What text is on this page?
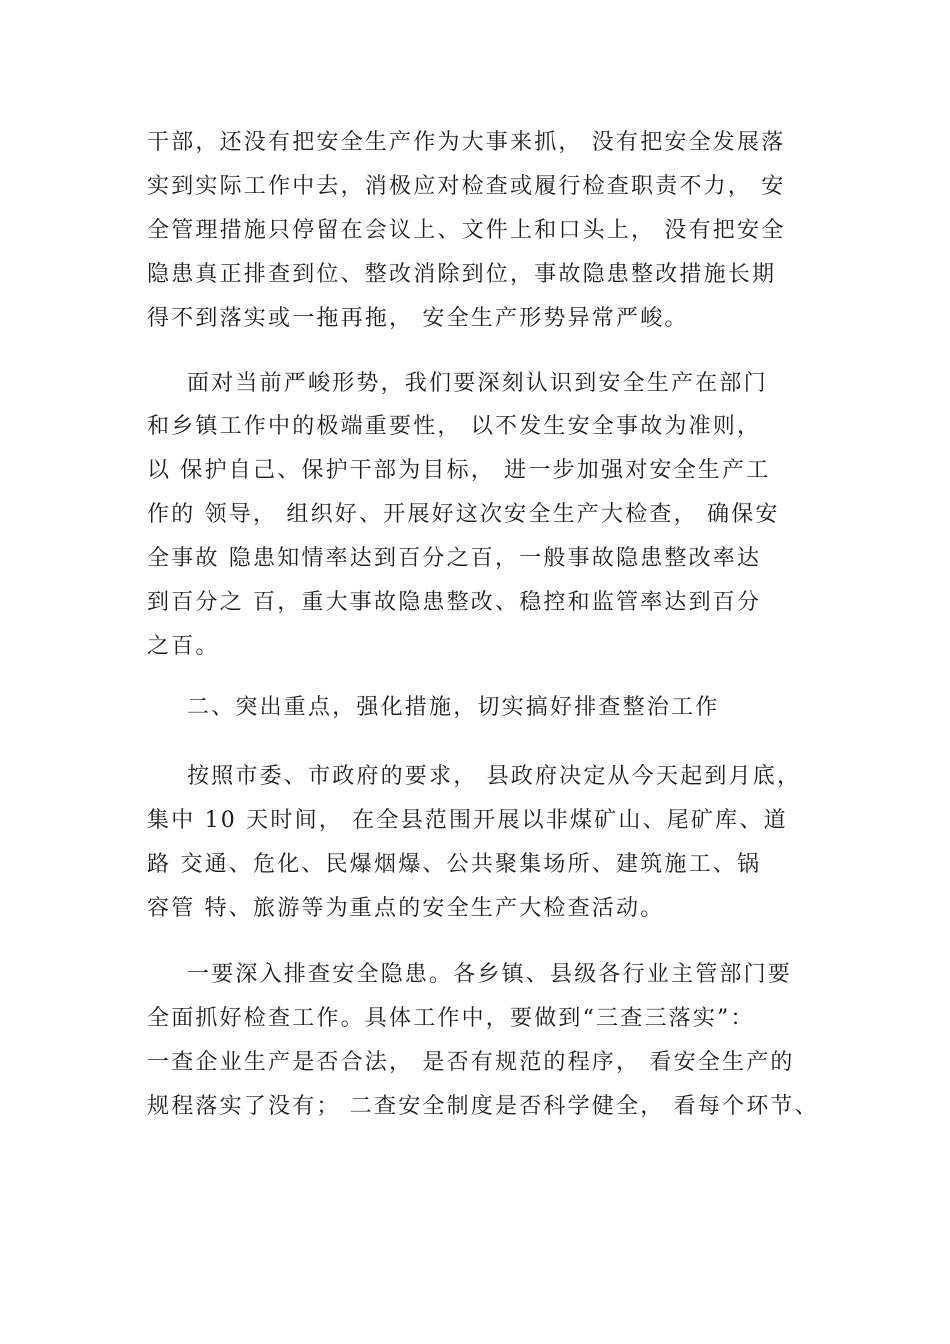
干部，还没有把安全生产作为大事来抓， 没有把安全发展落
实到实际工作中去，消极应对检查或履行检查职责不力， 安
全管理措施只停留在会议上、文件上和口头上， 没有把安全
隐患真正排查到位、整改消除到位，事故隐患整改措施长期
得不到落实或一拖再拖， 安全生产形势异常严峻。
面对当前严峻形势，我们要深刻认识到安全生产在部门
和乡镇工作中的极端重要性， 以不发生安全事故为准则，
以 保护自己、保护干部为目标， 进一步加强对安全生产工
作的 领导， 组织好、开展好这次安全生产大检查， 确保安
全事故 隐患知情率达到百分之百，一般事故隐患整改率达
到百分之 百，重大事故隐患整改、稳控和监管率达到百分
之百。
二、突出重点，强化措施，切实搞好排查整治工作
按照市委、市政府的要求， 县政府决定从今天起到月底，
集中 10 天时间， 在全县范围开展以非煤矿山、尾矿库、道
路 交通、危化、民爆烟爆、公共聚集场所、建筑施工、锅
容管 特、旅游等为重点的安全生产大检查活动。
一要深入排查安全隐患。各乡镇、县级各行业主管部门要
全面抓好检查工作。具体工作中，要做到“三查三落实”：
一查企业生产是否合法， 是否有规范的程序， 看安全生产的
规程落实了没有； 二查安全制度是否科学健全， 看每个环节、
